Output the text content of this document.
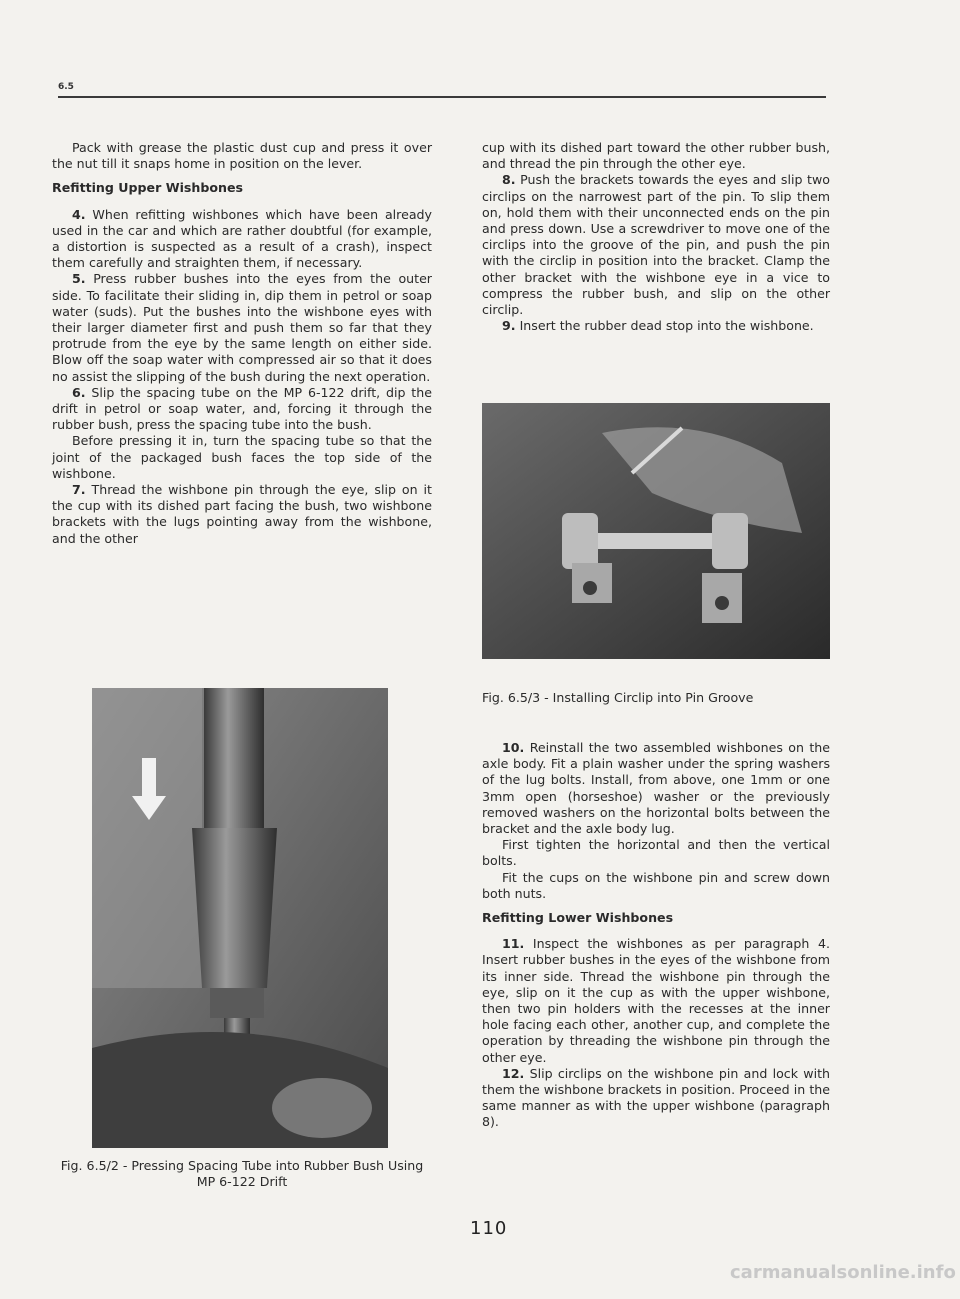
6.5

Pack with grease the plastic dust cup and press it over the nut till it snaps home in position on the lever.

Refitting Upper Wishbones
4. When refitting wishbones which have been already used in the car and which are rather doubtful (for example, a distortion is suspected as a result of a crash), inspect them carefully and straighten them, if necessary.
5. Press rubber bushes into the eyes from the outer side. To facilitate their sliding in, dip them in petrol or soap water (suds). Put the bushes into the wishbone eyes with their larger diameter first and push them so far that they protrude from the eye by the same length on either side. Blow off the soap water with compressed air so that it does no assist the slipping of the bush during the next operation.
6. Slip the spacing tube on the MP 6-122 drift, dip the drift in petrol or soap water, and, forcing it through the rubber bush, press the spacing tube into the bush.
Before pressing it in, turn the spacing tube so that the joint of the packaged bush faces the top side of the wishbone.
7. Thread the wishbone pin through the eye, slip on it the cup with its dished part facing the bush, two wishbone brackets with the lugs pointing away from the wishbone, and the other
Fig. 6.5/2 - Pressing Spacing Tube into Rubber Bush Using MP 6-122 Drift
cup with its dished part toward the other rubber bush, and thread the pin through the other eye.
8. Push the brackets towards the eyes and slip two circlips on the narrowest part of the pin. To slip them on, hold them with their unconnected ends on the pin and press down. Use a screwdriver to move one of the circlips into the groove of the pin, and push the pin with the circlip in position into the bracket. Clamp the other bracket with the wishbone eye in a vice to compress the rubber bush, and slip on the other circlip.
9. Insert the rubber dead stop into the wishbone.
Fig. 6.5/3 - Installing Circlip into Pin Groove
10. Reinstall the two assembled wishbones on the axle body. Fit a plain washer under the spring washers of the lug bolts. Install, from above, one 1mm or one 3mm open (horseshoe) washer or the previously removed washers on the horizontal bolts between the bracket and the axle body lug.
First tighten the horizontal and then the vertical bolts.
Fit the cups on the wishbone pin and screw down both nuts.
Refitting Lower Wishbones
11. Inspect the wishbones as per paragraph 4. Insert rubber bushes in the eyes of the wishbone from its inner side. Thread the wishbone pin through the eye, slip on it the cup as with the upper wishbone, then two pin holders with the recesses at the inner hole facing each other, another cup, and complete the operation by threading the wishbone pin through the other eye.
12. Slip circlips on the wishbone pin and lock with them the wishbone brackets in position. Proceed in the same manner as with the upper wishbone (paragraph 8).
110
carmanualsonline.info
